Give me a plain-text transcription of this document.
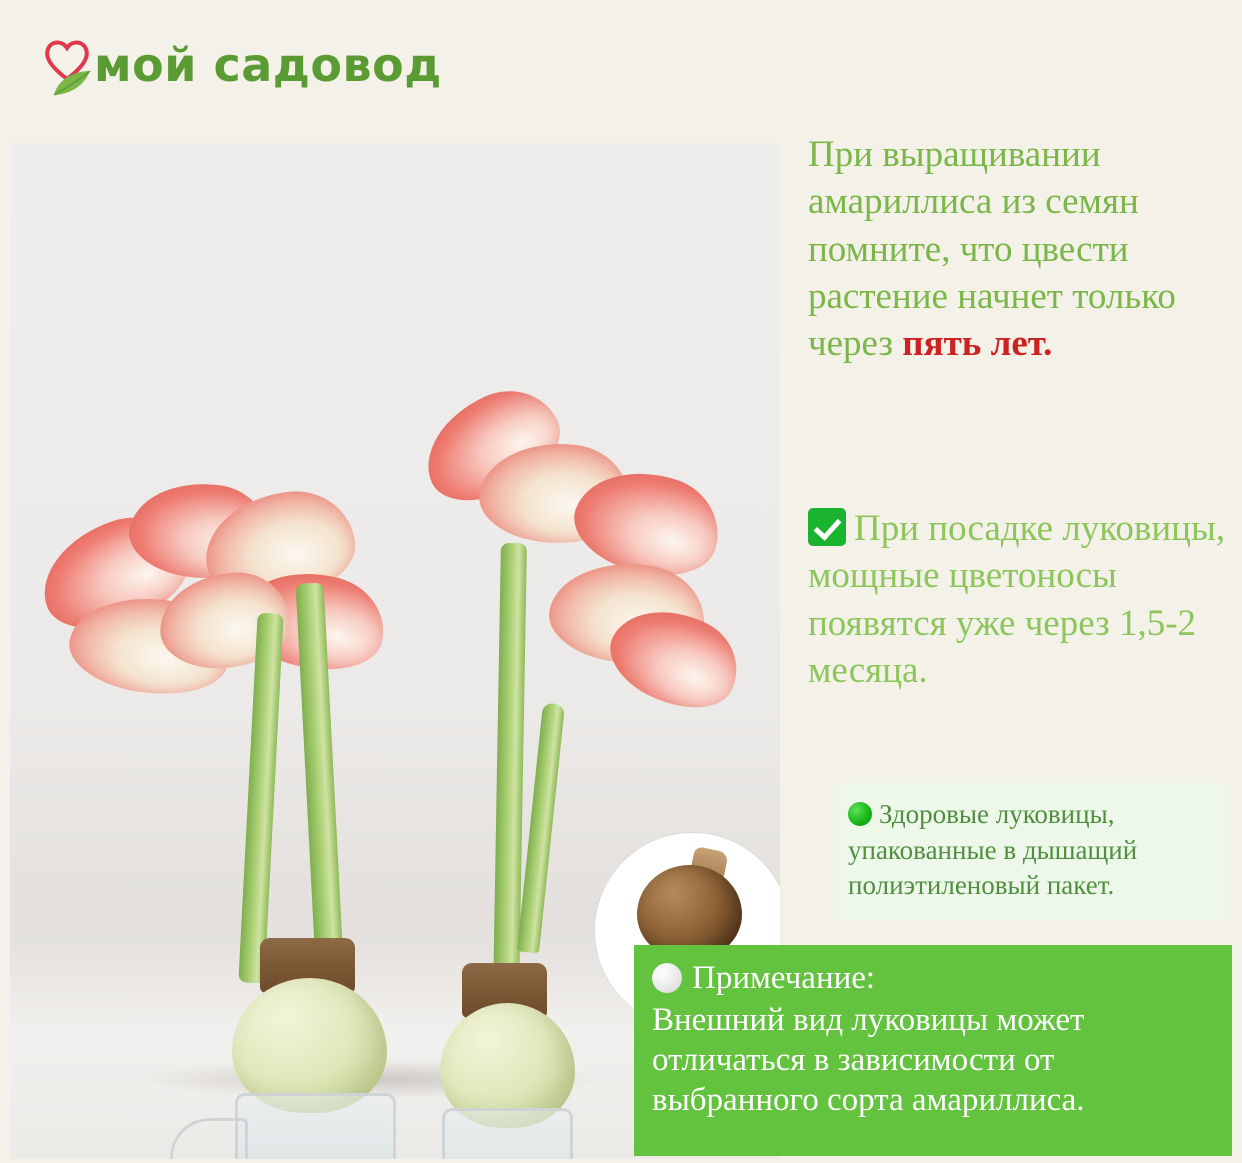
мой садовод

При выращивании амариллиса из семян помните, что цвести растение начнет только через пять лет.

При посадке луковицы, мощные цветоносы появятся уже через 1,5-2 месяца.

Здоровые луковицы, упакованные в дышащий полиэтиленовый пакет.
Примечание:
Внешний вид луковицы может отличаться в зависимости от выбранного сорта амариллиса.
